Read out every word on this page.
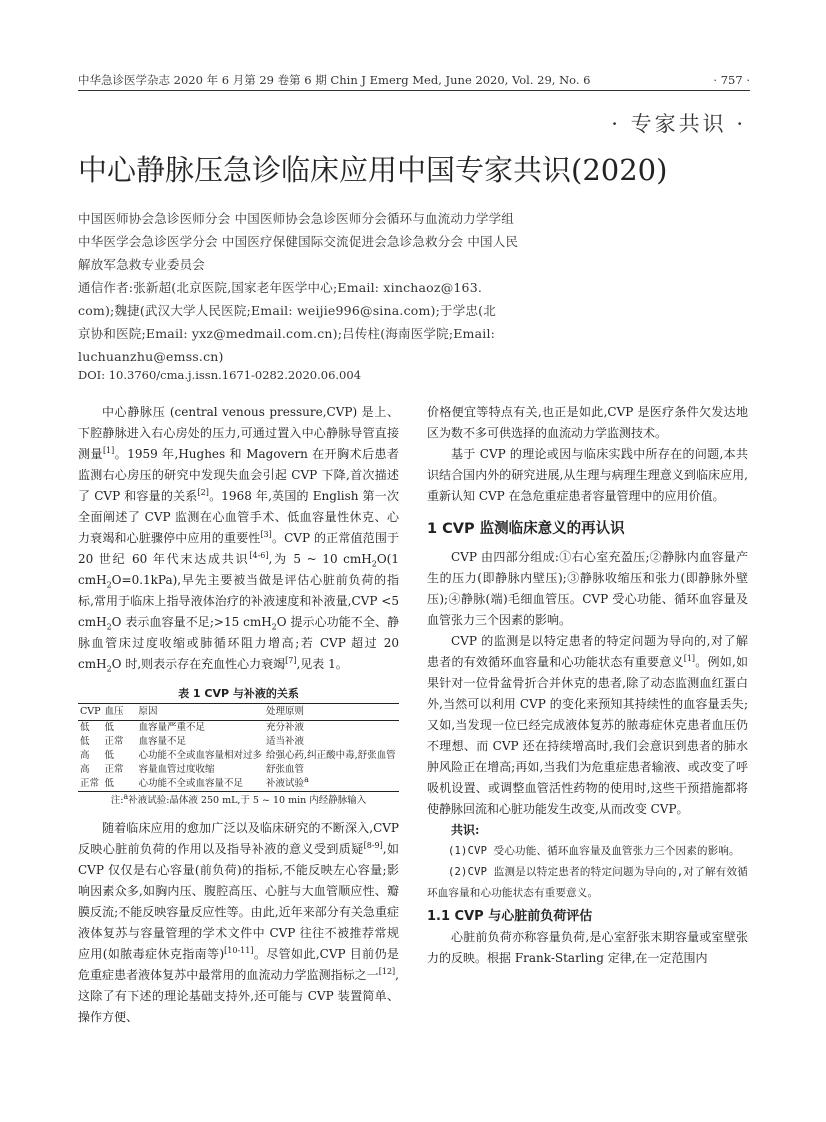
中华急诊医学杂志 2020 年 6 月第 29 卷第 6 期 Chin J Emerg Med, June 2020, Vol. 29, No. 6	· 757 ·
· 专家共识 ·
中心静脉压急诊临床应用中国专家共识(2020)
中国医师协会急诊医师分会 中国医师协会急诊医师分会循环与血流动力学学组
中华医学会急诊医学分会 中国医疗保健国际交流促进会急诊急救分会 中国人民
解放军急救专业委员会
通信作者:张新超(北京医院,国家老年医学中心;Email: xinchaoz@163.
com);魏捷(武汉大学人民医院;Email: weijie996@sina.com);于学忠(北
京协和医院;Email: yxz@medmail.com.cn);吕传柱(海南医学院;Email:
luchuanzhu@emss.cn)
DOI: 10.3760/cma.j.issn.1671-0282.2020.06.004

中心静脉压 (central venous pressure,CVP) 是上、下腔静脉进入右心房处的压力,可通过置入中心静脉导管直接测量[1]。1959 年,Hughes 和 Magovern 在开胸术后患者监测右心房压的研究中发现失血会引起 CVP 下降,首次描述了 CVP 和容量的关系[2]。1968 年,英国的 English 第一次全面阐述了 CVP 监测在心血管手术、低血容量性休克、心力衰竭和心脏骤停中应用的重要性[3]。CVP 的正常值范围于 20 世纪 60 年代末达成共识[4-6],为 5 ~ 10 cmH$_2$O(1 cmH$_2$O=0.1kPa),早先主要被当做是评估心脏前负荷的指标,常用于临床上指导液体治疗的补液速度和补液量,CVP <5 cmH$_2$O 表示血容量不足;>15 cmH$_2$O 提示心功能不全、静脉血管床过度收缩或肺循环阻力增高;若 CVP 超过 20 cmH$_2$O 时,则表示存在充血性心力衰竭[7],见表 1。

表 1 CVP 与补液的关系
CVP	血压	原因	处理原则
低	低	血容量严重不足	充分补液
低	正常	血容量不足	适当补液
高	低	心功能不全或血容量相对过多	给强心药,纠正酸中毒,舒张血管
高	正常	容量血管过度收缩	舒张血管
正常	低	心功能不全或血容量不足	补液试验$^a$
注:$^a$补液试验:晶体液 250 mL,于 5 ~ 10 min 内经静脉输入

随着临床应用的愈加广泛以及临床研究的不断深入,CVP 反映心脏前负荷的作用以及指导补液的意义受到质疑[8-9],如 CVP 仅仅是右心容量(前负荷)的指标,不能反映左心容量;影响因素众多,如胸内压、腹腔高压、心脏与大血管顺应性、瓣膜反流;不能反映容量反应性等。由此,近年来部分有关急重症液体复苏与容量管理的学术文件中 CVP 往往不被推荐常规应用(如脓毒症休克指南等)[10-11]。尽管如此,CVP 目前仍是危重症患者液体复苏中最常用的血流动力学监测指标之一[12],这除了有下述的理论基础支持外,还可能与 CVP 装置简单、操作方便、

价格便宜等特点有关,也正是如此,CVP 是医疗条件欠发达地区为数不多可供选择的血流动力学监测技术。

基于 CVP 的理论或因与临床实践中所存在的问题,本共识结合国内外的研究进展,从生理与病理生理意义到临床应用,重新认知 CVP 在急危重症患者容量管理中的应用价值。

1 CVP 监测临床意义的再认识

CVP 由四部分组成:①右心室充盈压;②静脉内血容量产生的压力(即静脉内壁压);③静脉收缩压和张力(即静脉外壁压);④静脉(端)毛细血管压。CVP 受心功能、循环血容量及血管张力三个因素的影响。

CVP 的监测是以特定患者的特定问题为导向的,对了解患者的有效循环血容量和心功能状态有重要意义[1]。例如,如果针对一位骨盆骨折合并休克的患者,除了动态监测血红蛋白外,当然可以利用 CVP 的变化来预知其持续性的血容量丢失;又如,当发现一位已经完成液体复苏的脓毒症休克患者血压仍不理想、而 CVP 还在持续增高时,我们会意识到患者的肺水肿风险正在增高;再如,当我们为危重症患者输液、或改变了呼吸机设置、或调整血管活性药物的使用时,这些干预措施都将使静脉回流和心脏功能发生改变,从而改变 CVP。

共识:

(1)CVP 受心功能、循环血容量及血管张力三个因素的影响。

(2)CVP 监测是以特定患者的特定问题为导向的,对了解有效循环血容量和心功能状态有重要意义。

1.1 CVP 与心脏前负荷评估

心脏前负荷亦称容量负荷,是心室舒张末期容量或室壁张力的反映。根据 Frank-Starling 定律,在一定范围内
